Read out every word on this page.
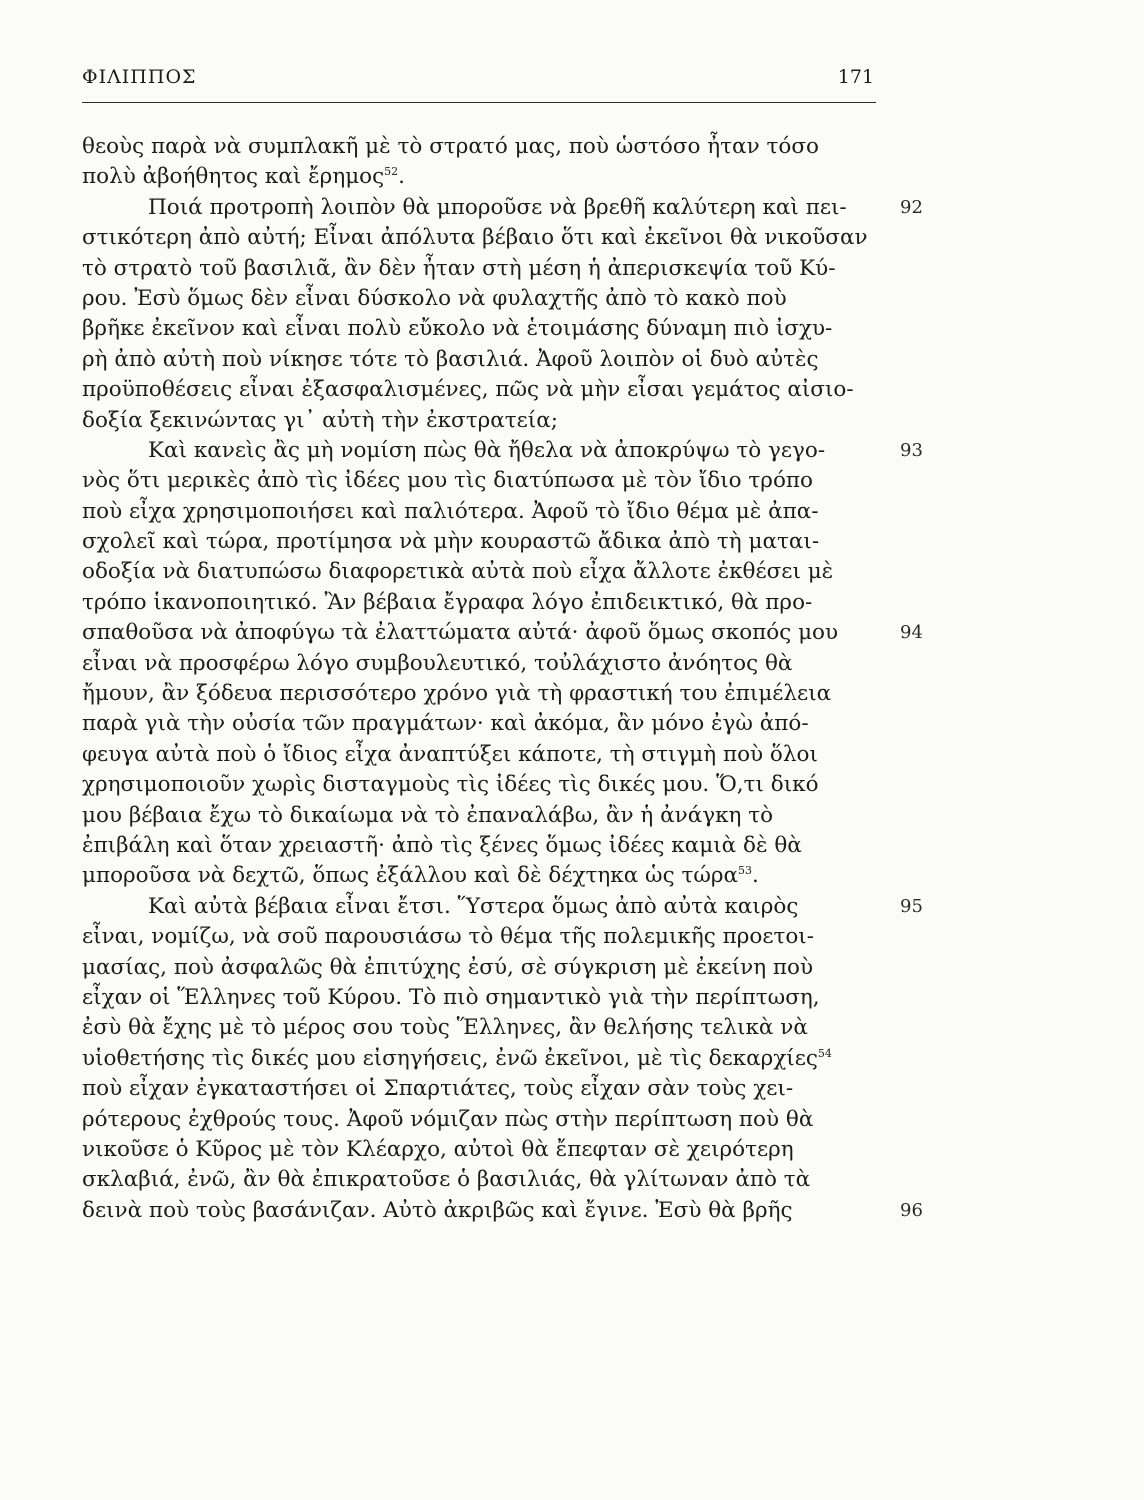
ΦΙΛΙΠΠΟΣ	171
θεοὺς παρὰ νὰ συμπλακῆ μὲ τὸ στρατό μας, ποὺ ὡστόσο ἦταν τόσο
πολὺ ἀβοήθητος καὶ ἔρημος$^{52}$.
Ποιά προτροπὴ λοιπὸν θὰ μποροῦσε νὰ βρεθῆ καλύτερη καὶ πει-	92
στικότερη ἀπὸ αὐτή; Εἶναι ἀπόλυτα βέβαιο ὅτι καὶ ἐκεῖνοι θὰ νικοῦσαν
τὸ στρατὸ τοῦ βασιλιᾶ, ἂν δὲν ἦταν στὴ μέση ἡ ἀπερισκεψία τοῦ Κύ-
ρου. Ἐσὺ ὅμως δὲν εἶναι δύσκολο νὰ φυλαχτῆς ἀπὸ τὸ κακὸ ποὺ
βρῆκε ἐκεῖνον καὶ εἶναι πολὺ εὔκολο νὰ ἑτοιμάσης δύναμη πιὸ ἰσχυ-
ρὴ ἀπὸ αὐτὴ ποὺ νίκησε τότε τὸ βασιλιά. Ἀφοῦ λοιπὸν οἱ δυὸ αὐτὲς
προϋποθέσεις εἶναι ἐξασφαλισμένες, πῶς νὰ μὴν εἶσαι γεμάτος αἰσιο-
δοξία ξεκινώντας γι᾽ αὐτὴ τὴν ἐκστρατεία;
Καὶ κανεὶς ἂς μὴ νομίση πὼς θὰ ἤθελα νὰ ἀποκρύψω τὸ γεγο-	93
νὸς ὅτι μερικὲς ἀπὸ τὶς ἰδέες μου τὶς διατύπωσα μὲ τὸν ἴδιο τρόπο
ποὺ εἶχα χρησιμοποιήσει καὶ παλιότερα. Ἀφοῦ τὸ ἴδιο θέμα μὲ ἀπα-
σχολεῖ καὶ τώρα, προτίμησα νὰ μὴν κουραστῶ ἄδικα ἀπὸ τὴ μαται-
οδοξία νὰ διατυπώσω διαφορετικὰ αὐτὰ ποὺ εἶχα ἄλλοτε ἐκθέσει μὲ
τρόπο ἱκανοποιητικό. Ἂν βέβαια ἔγραφα λόγο ἐπιδεικτικό, θὰ προ-
σπαθοῦσα νὰ ἀποφύγω τὰ ἐλαττώματα αὐτά· ἀφοῦ ὅμως σκοπός μου	94
εἶναι νὰ προσφέρω λόγο συμβουλευτικό, τοὐλάχιστο ἀνόητος θὰ
ἤμουν, ἂν ξόδευα περισσότερο χρόνο γιὰ τὴ φραστική του ἐπιμέλεια
παρὰ γιὰ τὴν οὐσία τῶν πραγμάτων· καὶ ἀκόμα, ἂν μόνο ἐγὼ ἀπό-
φευγα αὐτὰ ποὺ ὁ ἴδιος εἶχα ἀναπτύξει κάποτε, τὴ στιγμὴ ποὺ ὅλοι
χρησιμοποιοῦν χωρὶς δισταγμοὺς τὶς ἰδέες τὶς δικές μου. Ὅ,τι δικό
μου βέβαια ἔχω τὸ δικαίωμα νὰ τὸ ἐπαναλάβω, ἂν ἡ ἀνάγκη τὸ
ἐπιβάλη καὶ ὅταν χρειαστῆ· ἀπὸ τὶς ξένες ὅμως ἰδέες καμιὰ δὲ θὰ
μποροῦσα νὰ δεχτῶ, ὅπως ἐξάλλου καὶ δὲ δέχτηκα ὡς τώρα$^{53}$.
Καὶ αὐτὰ βέβαια εἶναι ἔτσι. Ὕστερα ὅμως ἀπὸ αὐτὰ καιρὸς	95
εἶναι, νομίζω, νὰ σοῦ παρουσιάσω τὸ θέμα τῆς πολεμικῆς προετοι-
μασίας, ποὺ ἀσφαλῶς θὰ ἐπιτύχης ἐσύ, σὲ σύγκριση μὲ ἐκείνη ποὺ
εἶχαν οἱ Ἕλληνες τοῦ Κύρου. Τὸ πιὸ σημαντικὸ γιὰ τὴν περίπτωση,
ἐσὺ θὰ ἔχης μὲ τὸ μέρος σου τοὺς Ἕλληνες, ἂν θελήσης τελικὰ νὰ
υἱοθετήσης τὶς δικές μου εἰσηγήσεις, ἐνῶ ἐκεῖνοι, μὲ τὶς δεκαρχίες$^{54}$
ποὺ εἶχαν ἐγκαταστήσει οἱ Σπαρτιάτες, τοὺς εἶχαν σὰν τοὺς χει-
ρότερους ἐχθρούς τους. Ἀφοῦ νόμιζαν πὼς στὴν περίπτωση ποὺ θὰ
νικοῦσε ὁ Κῦρος μὲ τὸν Κλέαρχο, αὐτοὶ θὰ ἔπεφταν σὲ χειρότερη
σκλαβιά, ἐνῶ, ἂν θὰ ἐπικρατοῦσε ὁ βασιλιάς, θὰ γλίτωναν ἀπὸ τὰ
δεινὰ ποὺ τοὺς βασάνιζαν. Αὐτὸ ἀκριβῶς καὶ ἔγινε. Ἐσὺ θὰ βρῆς	96
